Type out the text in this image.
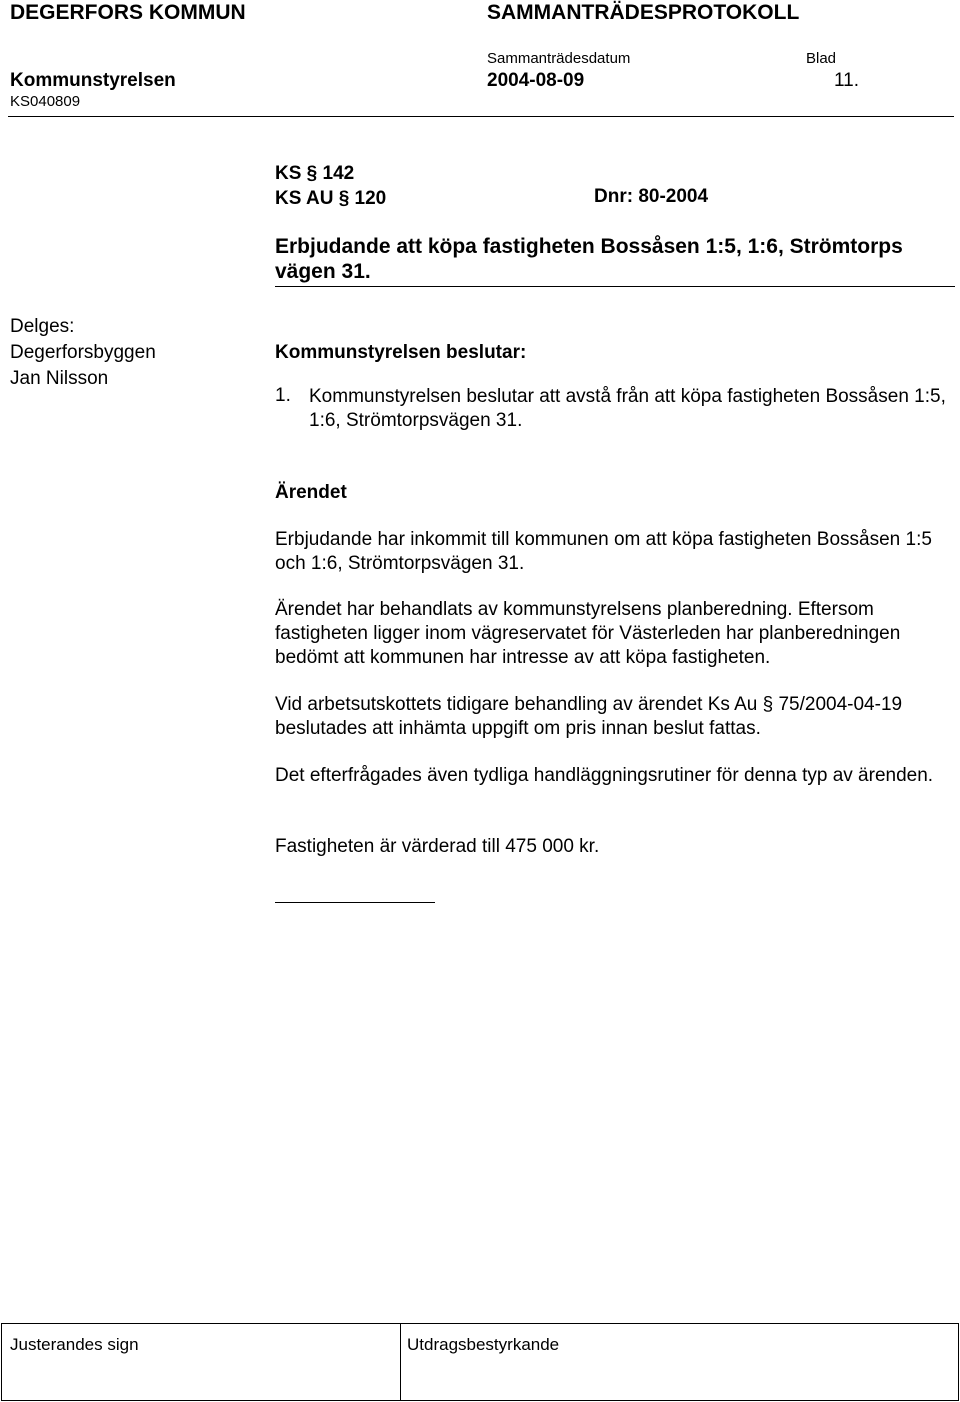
DEGERFORS KOMMUN	SAMMANTRÄDESPROTOKOLL
Sammanträdesdatum	Blad
Kommunstyrelsen	2004-08-09	11.
KS040809
KS § 142
KS AU § 120	Dnr: 80-2004
Erbjudande att köpa fastigheten Bossåsen 1:5, 1:6, Strömtorps vägen 31.
Delges:
Degerforsbyggen
Jan Nilsson
Kommunstyrelsen beslutar:
1. Kommunstyrelsen beslutar att avstå från att köpa fastigheten Bossåsen 1:5, 1:6, Strömtorpsvägen 31.
Ärendet
Erbjudande har inkommit till kommunen om att köpa fastigheten Bossåsen 1:5 och 1:6, Strömtorpsvägen 31.
Ärendet har behandlats av kommunstyrelsens planberedning. Eftersom fastigheten ligger inom vägreservatet för Västerleden har planberedningen bedömt att kommunen har intresse av att köpa fastigheten.
Vid arbetsutskottets tidigare behandling av ärendet Ks Au § 75/2004-04-19 beslutades att inhämta uppgift om pris innan beslut fattas.
Det efterfrågades även tydliga handläggningsrutiner för denna typ av ärenden.
Fastigheten är värderad till 475 000 kr.
Justerandes sign	Utdragsbestyrkande
